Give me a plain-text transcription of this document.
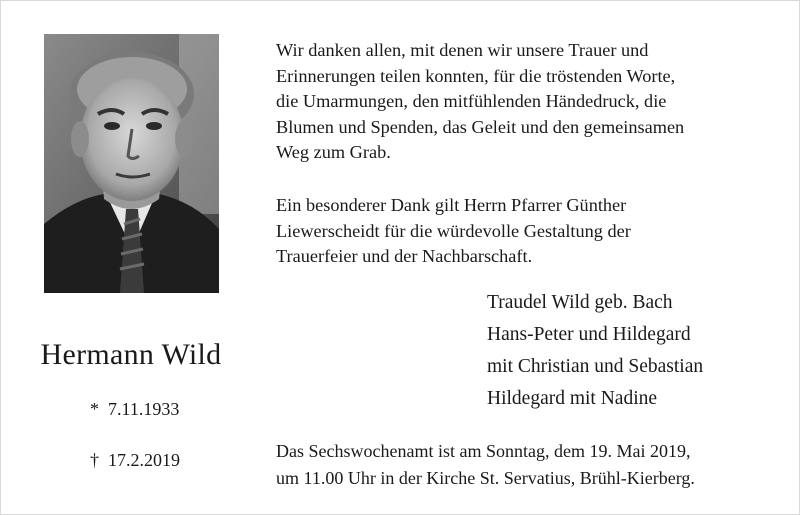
Hermann Wild
* 7.11.1933
† 17.2.2019
Wir danken allen, mit denen wir unsere Trauer und
Erinnerungen teilen konnten, für die tröstenden Worte,
die Umarmungen, den mitfühlenden Händedruck, die
Blumen und Spenden, das Geleit und den gemeinsamen
Weg zum Grab.
Ein besonderer Dank gilt Herrn Pfarrer Günther
Liewerscheidt für die würdevolle Gestaltung der
Trauerfeier und der Nachbarschaft.
Traudel Wild geb. Bach
Hans-Peter und Hildegard
mit Christian und Sebastian
Hildegard mit Nadine
Das Sechswochenamt ist am Sonntag, dem 19. Mai 2019,
um 11.00 Uhr in der Kirche St. Servatius, Brühl-Kierberg.
